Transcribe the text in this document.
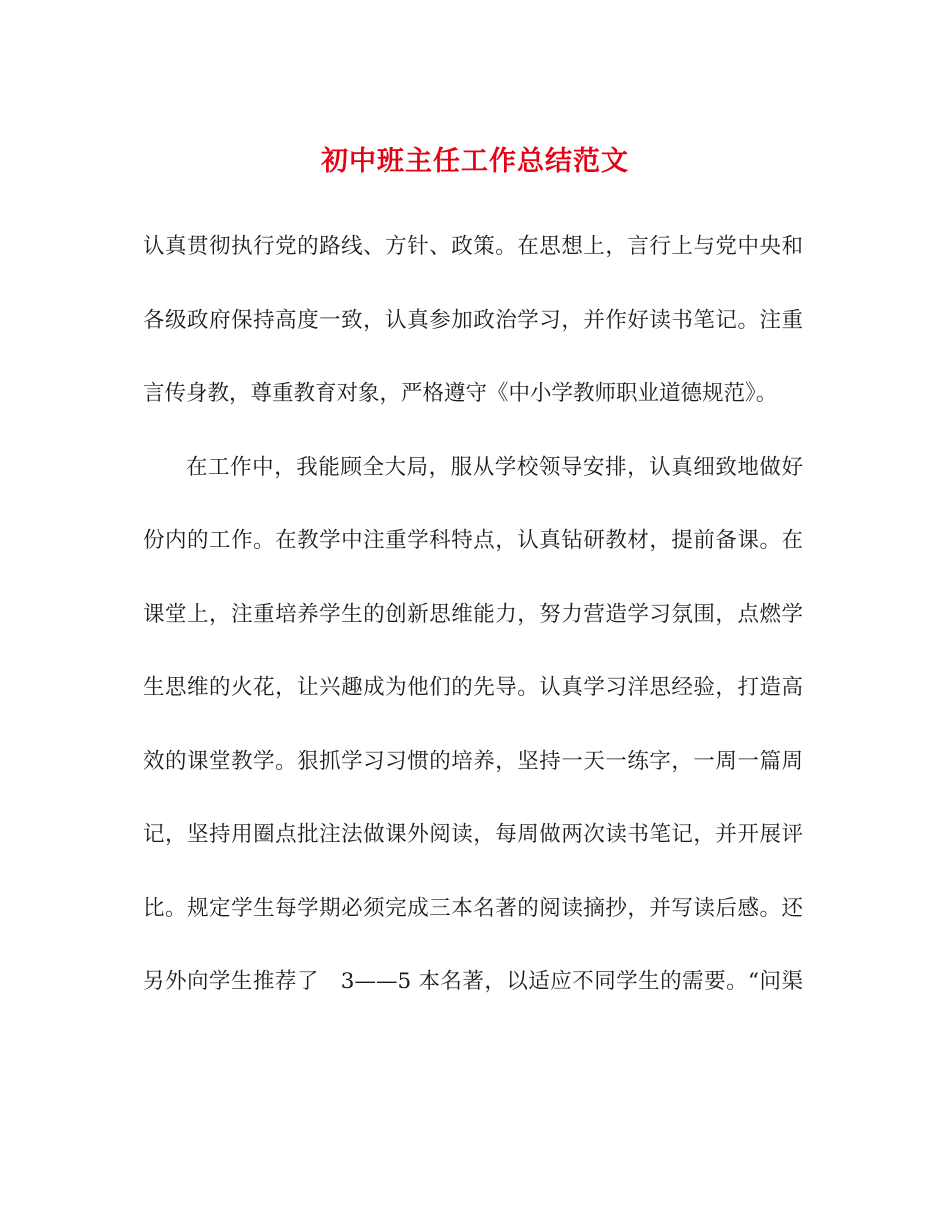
初中班主任工作总结范文
认真贯彻执行党的路线、方针、政策。在思想上，言行上与党中央和
各级政府保持高度一致，认真参加政治学习，并作好读书笔记。注重
言传身教，尊重教育对象，严格遵守《中小学教师职业道德规范》。
在工作中，我能顾全大局，服从学校领导安排，认真细致地做好
份内的工作。在教学中注重学科特点，认真钻研教材，提前备课。在
课堂上，注重培养学生的创新思维能力，努力营造学习氛围，点燃学
生思维的火花，让兴趣成为他们的先导。认真学习洋思经验，打造高
效的课堂教学。狠抓学习习惯的培养，坚持一天一练字，一周一篇周
记，坚持用圈点批注法做课外阅读，每周做两次读书笔记，并开展评
比。规定学生每学期必须完成三本名著的阅读摘抄，并写读后感。还
另外向学生推荐了　3——5 本名著，以适应不同学生的需要。“问渠
